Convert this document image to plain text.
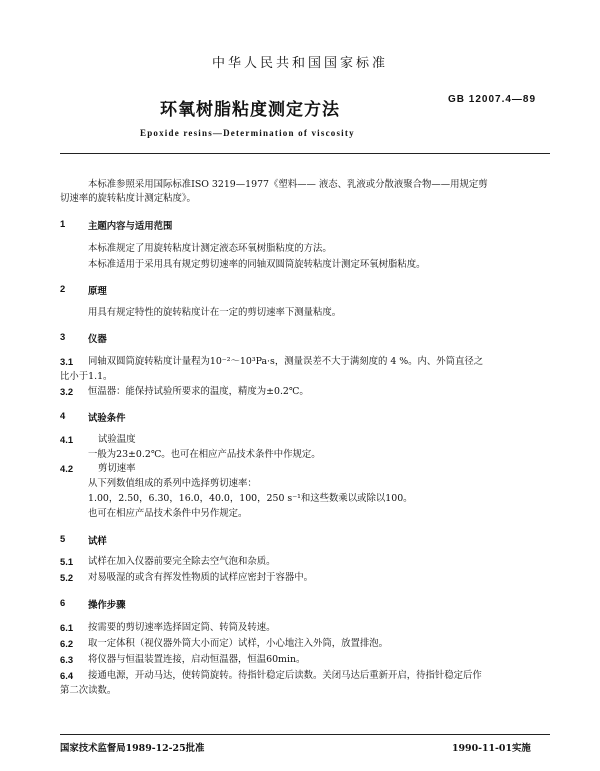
中华人民共和国国家标准
环氧树脂粘度测定方法
GB 12007.4—89
Epoxide resins—Determination of viscosity
本标准参照采用国际标准ISO 3219—1977《塑料—— 液态、乳液或分散液聚合物——用规定剪
切速率的旋转粘度计测定粘度》。
1 主题内容与适用范围
本标准规定了用旋转粘度计测定液态环氧树脂粘度的方法。
本标准适用于采用具有规定剪切速率的同轴双圆筒旋转粘度计测定环氧树脂粘度。
2 原理
用具有规定特性的旋转粘度计在一定的剪切速率下测量粘度。
3 仪器
3.1 同轴双圆筒旋转粘度计量程为10⁻²～10³Pa·s，测量误差不大于满刻度的 4 %。内、外筒直径之
比小于1.1。
3.2 恒温器：能保持试验所要求的温度，精度为±0.2℃。
4 试验条件
4.1	试验温度
一般为23±0.2℃。也可在相应产品技术条件中作规定。
4.2	剪切速率
从下列数值组成的系列中选择剪切速率：
1.00，2.50，6.30，16.0，40.0，100，250 s⁻¹和这些数乘以或除以100。
也可在相应产品技术条件中另作规定。
5 试样
5.1 试样在加入仪器前要完全除去空气泡和杂质。
5.2 对易吸湿的或含有挥发性物质的试样应密封于容器中。
6 操作步骤
6.1 按需要的剪切速率选择固定筒、转筒及转速。
6.2 取一定体积（视仪器外筒大小而定）试样，小心地注入外筒，放置排泡。
6.3 将仪器与恒温装置连接，启动恒温器，恒温60min。
6.4 接通电源，开动马达，使转筒旋转。待指针稳定后读数。关闭马达后重新开启，待指针稳定后作
第二次读数。
国家技术监督局1989-12-25批准	1990-11-01实施
